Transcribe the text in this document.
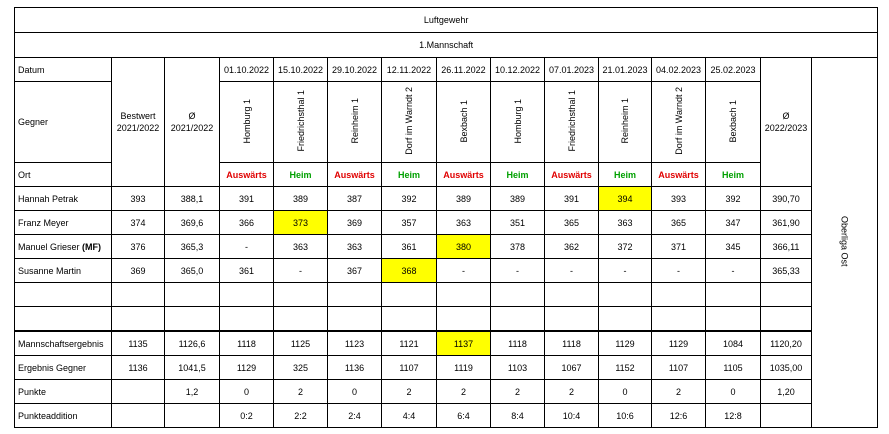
Luftgewehr														
1.Mannschaft														
Datum	Bestwert 2021/2022	Ø 2021/2022	01.10.2022	15.10.2022	29.10.2022	12.11.2022	26.11.2022	10.12.2022	07.01.2023	21.01.2023	04.02.2023	25.02.2023	Ø 2022/2023	Oberliga Ost
Gegner			Homburg 1	Friedrichsthal 1	Reinheim 1	Dorf im Warndt 2	Bexbach 1	Homburg 1	Friedrichsthal 1	Reinheim 1	Dorf im Warndt 2	Bexbach 1		
Ort			Auswärts	Heim	Auswärts	Heim	Auswärts	Heim	Auswärts	Heim	Auswärts	Heim		
Hannah Petrak	393	388,1	391	389	387	392	389	389	391	394	393	392	390,70	
Franz Meyer	374	369,6	366	373	369	357	363	351	365	363	365	347	361,90	
Manuel Grieser (MF)	376	365,3	-	363	363	361	380	378	362	372	371	345	366,11	
Susanne Martin	369	365,0	361	-	367	368	-	-	-	-	-	-	365,33	

Mannschaftsergebnis	1135	1126,6	1118	1125	1123	1121	1137	1118	1118	1129	1129	1084	1120,20	
Ergebnis Gegner	1136	1041,5	1129	325	1136	1107	1119	1103	1067	1152	1107	1105	1035,00	
Punkte		1,2	0	2	0	2	2	2	2	0	2	0	1,20	
Punkteaddition			0:2	2:2	2:4	4:4	6:4	8:4	10:4	10:6	12:6	12:8		
